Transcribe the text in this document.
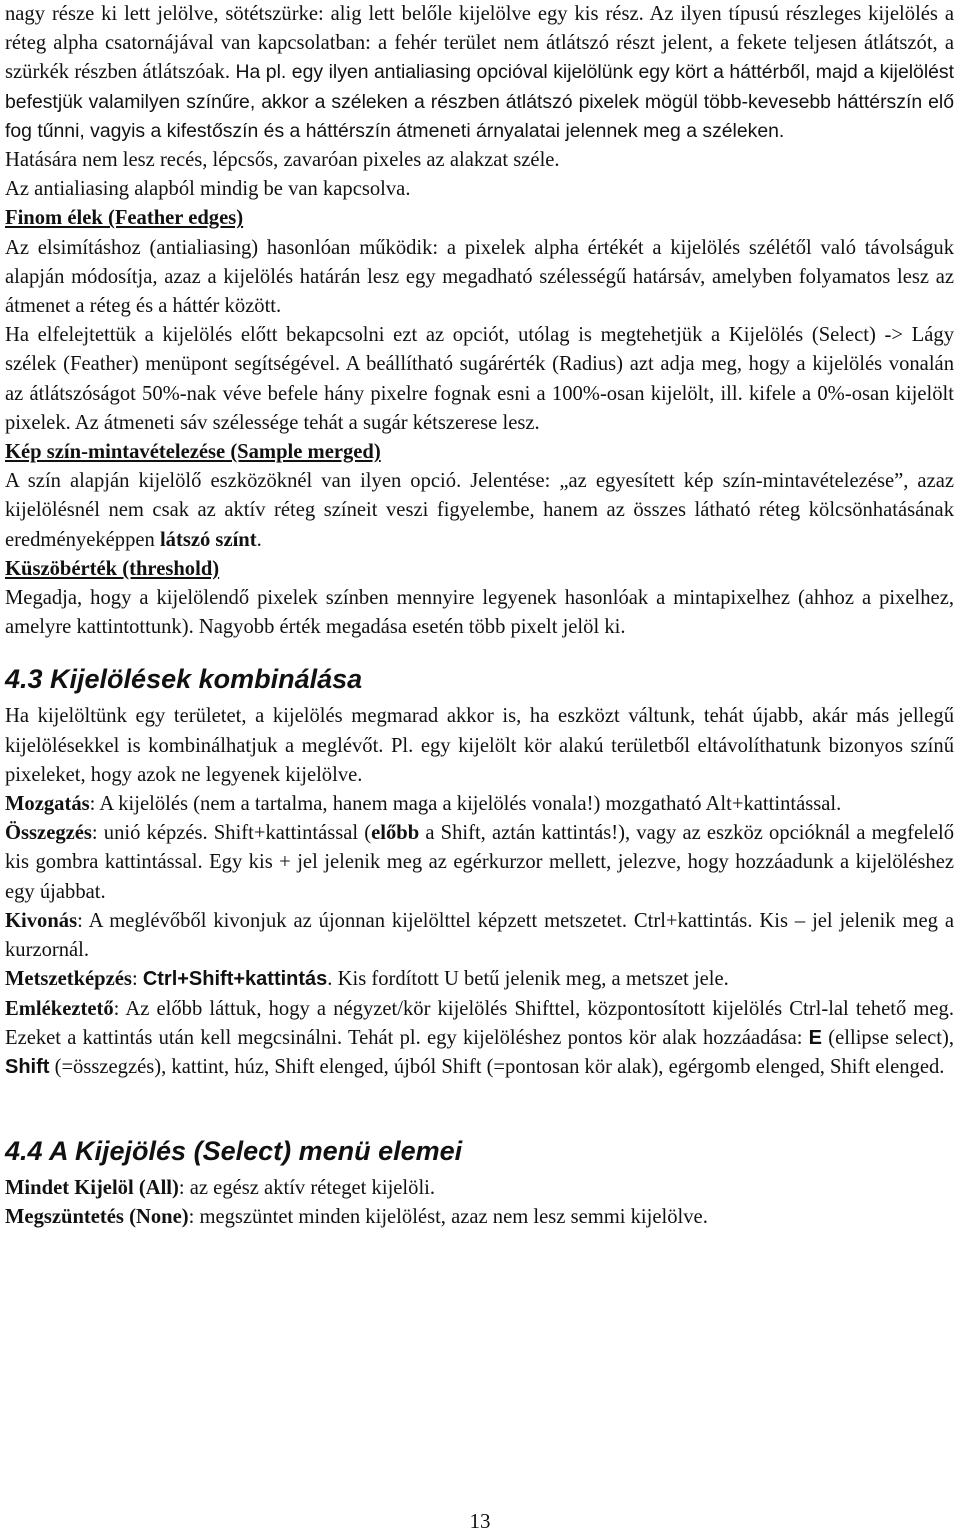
nagy része ki lett jelölve, sötétszürke: alig lett belőle kijelölve egy kis rész. Az ilyen típusú részleges kijelölés a réteg alpha csatornájával van kapcsolatban: a fehér terület nem átlátszó részt jelent, a fekete teljesen átlátszót, a szürkék részben átlátszóak. Ha pl. egy ilyen antialiasing opcióval kijelölünk egy kört a háttérből, majd a kijelölést befestjük valamilyen színűre, akkor a széleken a részben átlátszó pixelek mögül több-kevesebb háttérszín elő fog tűnni, vagyis a kifestőszín és a háttérszín átmeneti árnyalatai jelennek meg a széleken.

Hatására nem lesz recés, lépcsős, zavaróan pixeles az alakzat széle.

Az antialiasing alapból mindig be van kapcsolva.

Finom élek (Feather edges)

Az elsimításhoz (antialiasing) hasonlóan működik: a pixelek alpha értékét a kijelölés szélétől való távolságuk alapján módosítja, azaz a kijelölés határán lesz egy megadható szélességű határsáv, amelyben folyamatos lesz az átmenet a réteg és a háttér között.

Ha elfelejtettük a kijelölés előtt bekapcsolni ezt az opciót, utólag is megtehetjük a Kijelölés (Select) -> Lágy szélek (Feather) menüpont segítségével. A beállítható sugárérték (Radius) azt adja meg, hogy a kijelölés vonalán az átlátszóságot 50%-nak véve befele hány pixelre fognak esni a 100%-osan kijelölt, ill. kifele a 0%-osan kijelölt pixelek. Az átmeneti sáv szélessége tehát a sugár kétszerese lesz.

Kép szín-mintavételezése (Sample merged)

A szín alapján kijelölő eszközöknél van ilyen opció. Jelentése: „az egyesített kép szín-mintavételezése”, azaz kijelölésnél nem csak az aktív réteg színeit veszi figyelembe, hanem az összes látható réteg kölcsönhatásának eredményeképpen látszó színt.

Küszöbérték (threshold)

Megadja, hogy a kijelölendő pixelek színben mennyire legyenek hasonlóak a mintapixelhez (ahhoz a pixelhez, amelyre kattintottunk). Nagyobb érték megadása esetén több pixelt jelöl ki.

4.3 Kijelölések kombinálása

Ha kijelöltünk egy területet, a kijelölés megmarad akkor is, ha eszközt váltunk, tehát újabb, akár más jellegű kijelölésekkel is kombinálhatjuk a meglévőt. Pl. egy kijelölt kör alakú területből eltávolíthatunk bizonyos színű pixeleket, hogy azok ne legyenek kijelölve.

Mozgatás: A kijelölés (nem a tartalma, hanem maga a kijelölés vonala!) mozgatható Alt+kattintással.

Összegzés: unió képzés. Shift+kattintással (előbb a Shift, aztán kattintás!), vagy az eszköz opcióknál a megfelelő kis gombra kattintással. Egy kis + jel jelenik meg az egérkurzor mellett, jelezve, hogy hozzáadunk a kijelöléshez egy újabbat.

Kivonás: A meglévőből kivonjuk az újonnan kijelölttel képzett metszetet. Ctrl+kattintás. Kis – jel jelenik meg a kurzornál.

Metszetképzés: Ctrl+Shift+kattintás. Kis fordított U betű jelenik meg, a metszet jele.

Emlékeztető: Az előbb láttuk, hogy a négyzet/kör kijelölés Shifttel, központosított kijelölés Ctrl-lal tehető meg. Ezeket a kattintás után kell megcsinálni. Tehát pl. egy kijelöléshez pontos kör alak hozzáadása: E (ellipse select), Shift (=összegzés), kattint, húz, Shift elenged, újból Shift (=pontosan kör alak), egérgomb elenged, Shift elenged.

4.4 A Kijejölés (Select) menü elemei

Mindet Kijelöl (All): az egész aktív réteget kijelöli.

Megszüntetés (None): megszüntet minden kijelölést, azaz nem lesz semmi kijelölve.

13
